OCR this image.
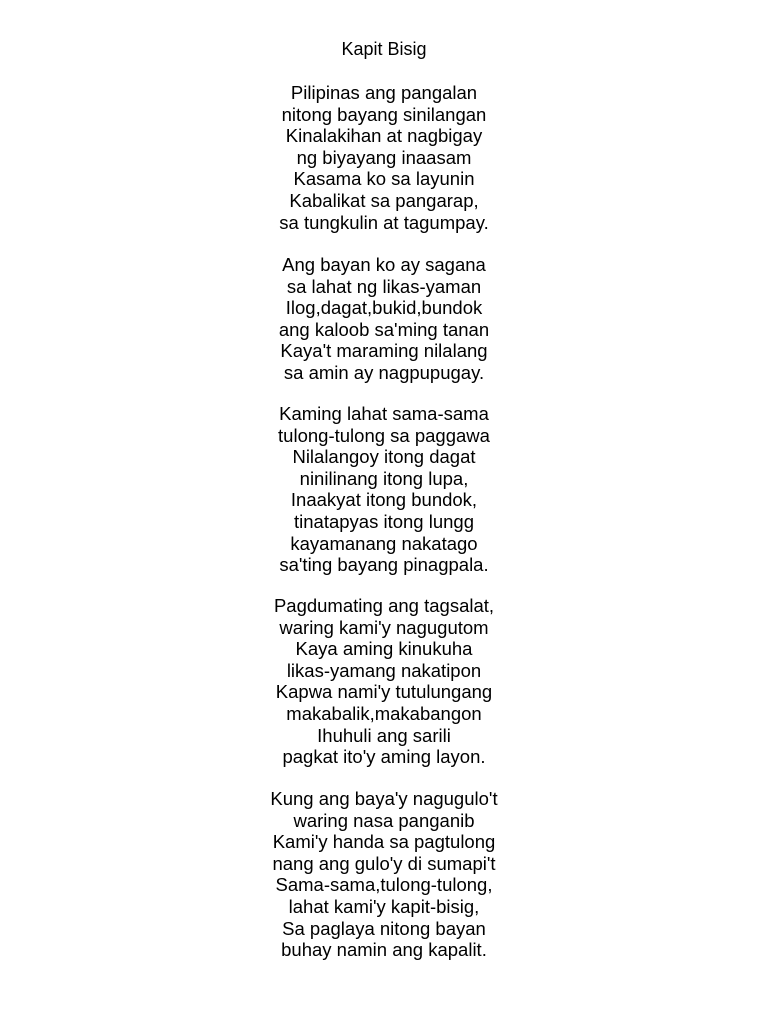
Kapit Bisig
Pilipinas ang pangalan
nitong bayang sinilangan
Kinalakihan at nagbigay
ng biyayang inaasam
Kasama ko sa layunin
Kabalikat sa pangarap,
sa tungkulin at tagumpay.
Ang bayan ko ay sagana
sa lahat ng likas-yaman
Ilog,dagat,bukid,bundok
ang kaloob sa'ming tanan
Kaya't maraming nilalang
sa amin ay nagpupugay.
Kaming lahat sama-sama
tulong-tulong sa paggawa
Nilalangoy itong dagat
ninilinang itong lupa,
Inaakyat itong bundok,
tinatapyas itong lungg
kayamanang nakatago
sa'ting bayang pinagpala.
Pagdumating ang tagsalat,
waring kami'y nagugutom
Kaya aming kinukuha
likas-yamang nakatipon
Kapwa nami'y tutulungang
makabalik,makabangon
Ihuhuli ang sarili
pagkat ito'y aming layon.
Kung ang baya'y nagugulo't
waring nasa panganib
Kami'y handa sa pagtulong
nang ang gulo'y di sumapi't
Sama-sama,tulong-tulong,
lahat kami'y kapit-bisig,
Sa paglaya nitong bayan
buhay namin ang kapalit.
